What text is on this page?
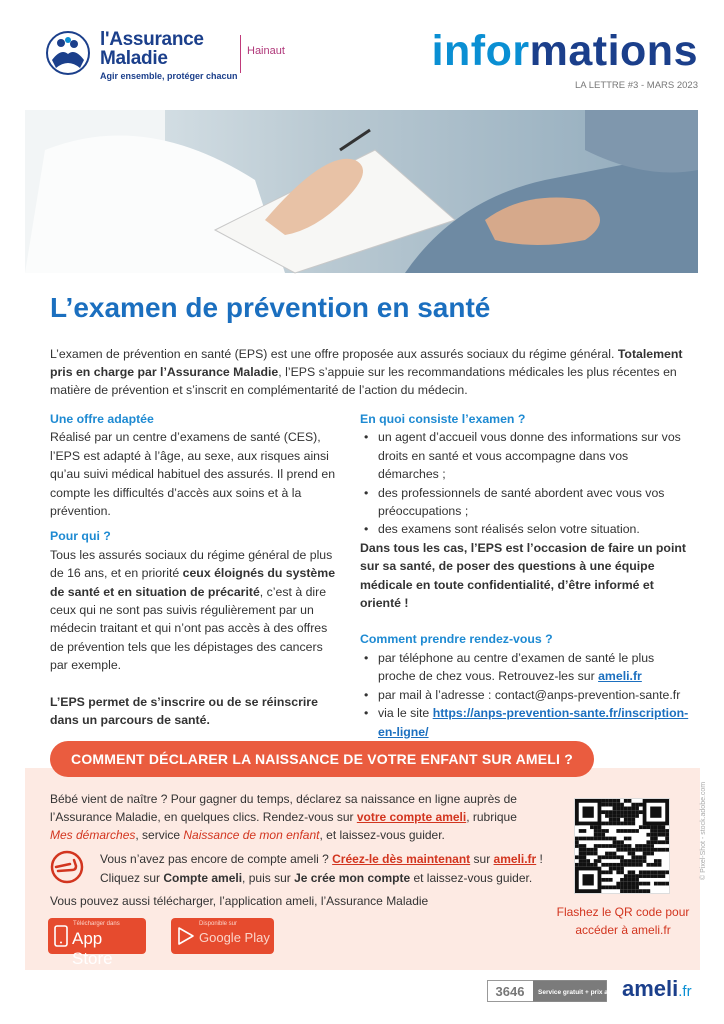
l'Assurance
Maladie
Agir ensemble, protéger chacun
Hainaut	informations
LA LETTRE #3 - MARS 2023
L’examen de prévention en santé
L’examen de prévention en santé (EPS) est une offre proposée aux assurés sociaux du régime général. Totalement pris en charge par l’Assurance Maladie, l’EPS s’appuie sur les recommandations médicales les plus récentes en matière de prévention et s’inscrit en complémentarité de l’action du médecin.
Une offre adaptée
Réalisé par un centre d’examens de santé (CES), l’EPS est adapté à l’âge, au sexe, aux risques ainsi qu’au suivi médical habituel des assurés. Il prend en compte les difficultés d’accès aux soins et à la prévention.
Pour qui ?
Tous les assurés sociaux du régime général de plus de 16 ans, et en priorité ceux éloignés du système de santé et en situation de précarité, c’est à dire ceux qui ne sont pas suivis régulièrement par un médecin traitant et qui n’ont pas accès à des offres de prévention tels que les dépistages des cancers par exemple.
L’EPS permet de s’inscrire ou de se réinscrire dans un parcours de santé.
En quoi consiste l’examen ?
• un agent d’accueil vous donne des informations sur vos droits en santé et vous accompagne dans vos démarches ;
• des professionnels de santé abordent avec vous vos préoccupations ;
• des examens sont réalisés selon votre situation.
Dans tous les cas, l’EPS est l’occasion de faire un point sur sa santé, de poser des questions à une équipe médicale en toute confidentialité, d’être informé et orienté !
Comment prendre rendez-vous ?
• par téléphone au centre d’examen de santé le plus proche de chez vous. Retrouvez-les sur ameli.fr
• par mail à l’adresse : contact@anps-prevention-sante.fr
• via le site https://anps-prevention-sante.fr/inscription-en-ligne/
COMMENT DÉCLARER LA NAISSANCE DE VOTRE ENFANT SUR AMELI ?
Bébé vient de naître ? Pour gagner du temps, déclarez sa naissance en ligne auprès de l’Assurance Maladie, en quelques clics. Rendez-vous sur votre compte ameli, rubrique Mes démarches, service Naissance de mon enfant, et laissez-vous guider.
Vous n’avez pas encore de compte ameli ? Créez-le dès maintenant sur ameli.fr !
Cliquez sur Compte ameli, puis sur Je crée mon compte et laissez-vous guider.
Vous pouvez aussi télécharger, l’application ameli, l’Assurance Maladie
Télécharger dans
App Store
Disponible sur
Google Play
Flashez le QR code pour accéder à ameli.fr
© Pixel-Shot - stock.adobe.com
3646 Service gratuit + prix appel ameli.fr
